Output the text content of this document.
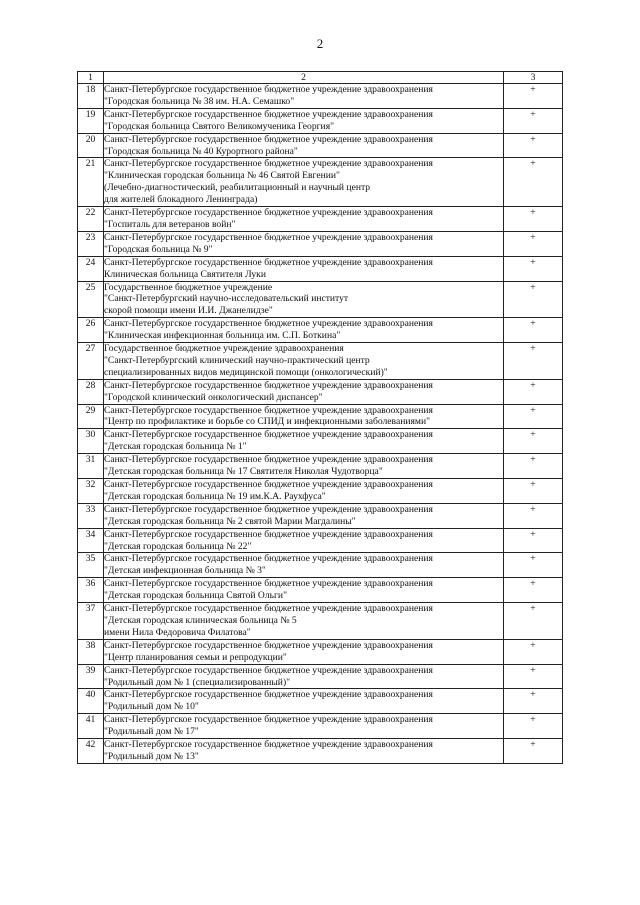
2
1	2	3
18	Санкт-Петербургское государственное бюджетное учреждение здравоохранения
"Городская больница № 38 им. Н.А. Семашко"	+
19	Санкт-Петербургское государственное бюджетное учреждение здравоохранения
"Городская больница Святого Великомученика Георгия"	+
20	Санкт-Петербургское государственное бюджетное учреждение здравоохранения
"Городская больница № 40 Курортного района"	+
21	Санкт-Петербургское государственное бюджетное учреждение здравоохранения
"Клиническая городская больница № 46 Святой Евгении"
(Лечебно-диагностический, реабилитационный и научный центр
для жителей блокадного Ленинграда)	+
22	Санкт-Петербургское государственное бюджетное учреждение здравоохранения
"Госпиталь для ветеранов войн"	+
23	Санкт-Петербургское государственное бюджетное учреждение здравоохранения
"Городская больница № 9"	+
24	Санкт-Петербургское государственное бюджетное учреждение здравоохранения
Клиническая больница Святителя Луки	+
25	Государственное бюджетное учреждение
"Санкт-Петербургский научно-исследовательский институт
скорой помощи имени И.И. Джанелидзе"	+
26	Санкт-Петербургское государственное бюджетное учреждение здравоохранения
"Клиническая инфекционная больница им. С.П. Боткина"	+
27	Государственное бюджетное учреждение здравоохранения
"Санкт-Петербургский клинический научно-практический центр
специализированных видов медицинской помощи (онкологический)"	+
28	Санкт-Петербургское государственное бюджетное учреждение здравоохранения
"Городской клинический онкологический диспансер"	+
29	Санкт-Петербургское государственное бюджетное учреждение здравоохранения
"Центр по профилактике и борьбе со СПИД и инфекционными заболеваниями"	+
30	Санкт-Петербургское государственное бюджетное учреждение здравоохранения
"Детская городская больница № 1"	+
31	Санкт-Петербургское государственное бюджетное учреждение здравоохранения
"Детская городская больница № 17 Святителя Николая Чудотворца"	+
32	Санкт-Петербургское государственное бюджетное учреждение здравоохранения
"Детская городская больница № 19 им.К.А. Раухфуса"	+
33	Санкт-Петербургское государственное бюджетное учреждение здравоохранения
"Детская городская больница № 2 святой Марии Магдалины"	+
34	Санкт-Петербургское государственное бюджетное учреждение здравоохранения
"Детская городская больница № 22"	+
35	Санкт-Петербургское государственное бюджетное учреждение здравоохранения
"Детская инфекционная больница № 3"	+
36	Санкт-Петербургское государственное бюджетное учреждение здравоохранения
"Детская городская больница Святой Ольги"	+
37	Санкт-Петербургское государственное бюджетное учреждение здравоохранения
"Детская городская клиническая больница № 5
имени Нила Федоровича Филатова"	+
38	Санкт-Петербургское государственное бюджетное учреждение здравоохранения
"Центр планирования семьи и репродукции"	+
39	Санкт-Петербургское государственное бюджетное учреждение здравоохранения
"Родильный дом № 1 (специализированный)"	+
40	Санкт-Петербургское государственное бюджетное учреждение здравоохранения
"Родильный дом № 10"	+
41	Санкт-Петербургское государственное бюджетное учреждение здравоохранения
"Родильный дом № 17"	+
42	Санкт-Петербургское государственное бюджетное учреждение здравоохранения
"Родильный дом № 13"	+
